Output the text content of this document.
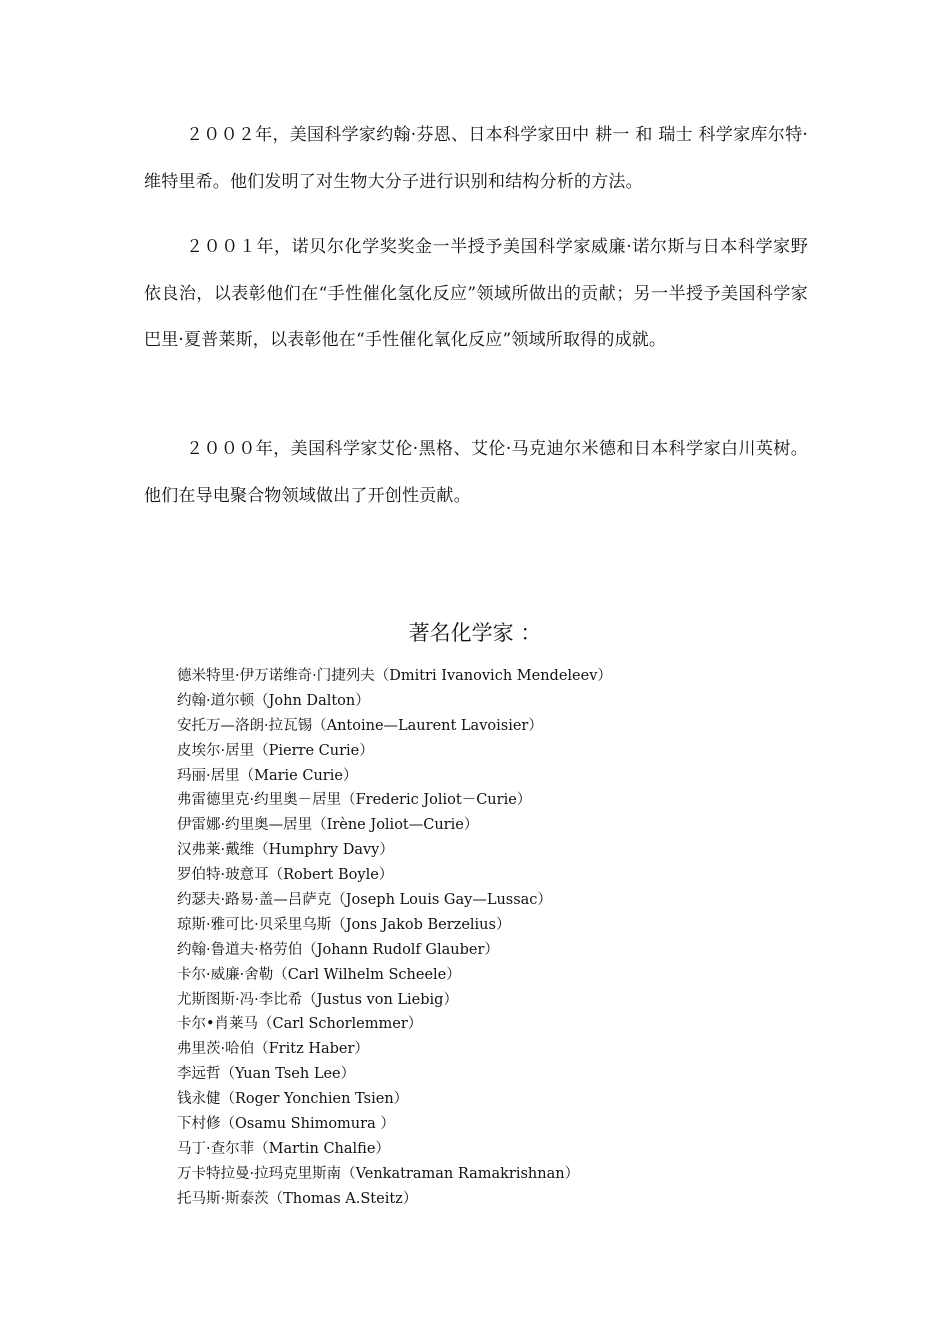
２００２年，美国科学家约翰·芬恩、日本科学家田中 耕一 和 瑞士 科学家库尔特·维特里希。他们发明了对生物大分子进行识别和结构分析的方法。

２００１年，诺贝尔化学奖奖金一半授予美国科学家威廉·诺尔斯与日本科学家野依良治，以表彰他们在“手性催化氢化反应”领域所做出的贡献；另一半授予美国科学家巴里·夏普莱斯，以表彰他在“手性催化氧化反应”领域所取得的成就。

２０００年，美国科学家艾伦·黑格、艾伦·马克迪尔米德和日本科学家白川英树。他们在导电聚合物领域做出了开创性贡献。

著名化学家 ：
德米特里·伊万诺维奇·门捷列夫（Dmitri Ivanovich Mendeleev）
约翰·道尔顿（John Dalton）
安托万—洛朗·拉瓦锡（Antoine—Laurent Lavoisier）
皮埃尔·居里（Pierre Curie）
玛丽·居里（Marie Curie）
弗雷德里克·约里奥－居里（Frederic Joliot－Curie）
伊雷娜·约里奥—居里（Irène Joliot—Curie）
汉弗莱·戴维（Humphry Davy）
罗伯特·玻意耳（Robert Boyle）
约瑟夫·路易·盖—吕萨克（Joseph Louis Gay—Lussac）
琼斯·雅可比·贝采里乌斯（Jons Jakob Berzelius）
约翰·鲁道夫·格劳伯（Johann Rudolf Glauber）
卡尔·威廉·舍勒（Carl Wilhelm Scheele）
尤斯图斯·冯·李比希（Justus von Liebig）
卡尔•肖莱马（Carl Schorlemmer）
弗里茨·哈伯（Fritz Haber）
李远哲（Yuan Tseh Lee）
钱永健（Roger Yonchien Tsien）
下村修（Osamu Shimomura ）
马丁·查尔菲（Martin Chalfie）
万卡特拉曼·拉玛克里斯南（Venkatraman Ramakrishnan）
托马斯·斯泰茨（Thomas A.Steitz）
